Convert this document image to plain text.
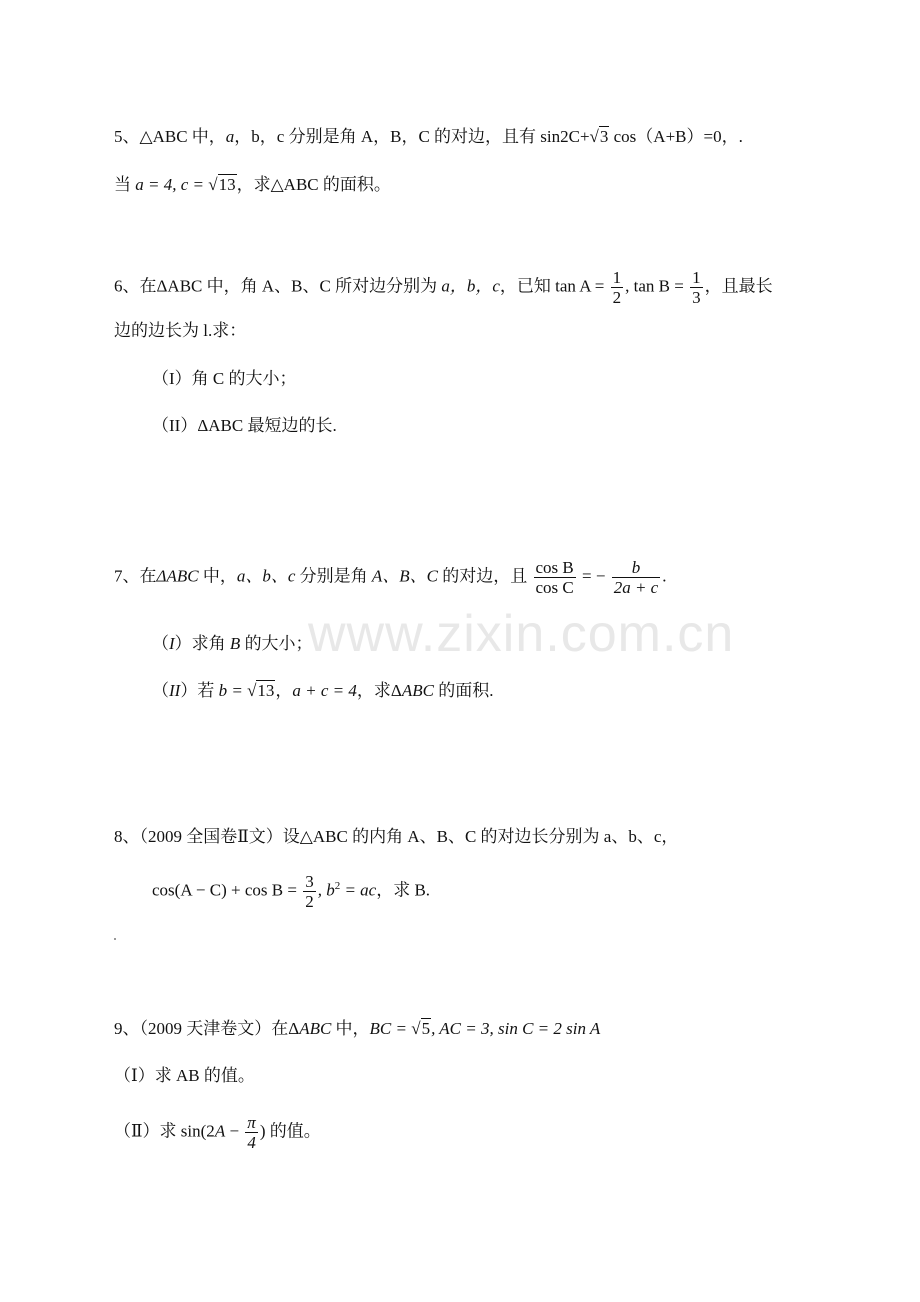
www.zixin.com.cn
5、△ABC 中，a，b，c 分别是角 A，B，C 的对边，且有 sin2C+√3 cos（A+B）=0，.
当 a = 4, c = √13，求△ABC 的面积。
6、在ΔABC 中，角 A、B、C 所对边分别为 a，b，c，已知 $\tan A = \frac{1}{2}$ , $\tan B = \frac{1}{3}$ ，且最长
边的边长为 l.求：
（I）角 C 的大小；
（II）ΔABC 最短边的长.
7、在ΔABC 中，a、b、c 分别是角 A、B、C 的对边，且 $\frac{\text{cos B}}{\text{cos C}}$ = − $\frac{b}{2a + c}$ .
（I）求角 B 的大小；
（II）若 b = √13，a + c = 4，求ΔABC 的面积.
8、（2009 全国卷Ⅱ文）设△ABC 的内角 A、B、C 的对边长分别为 a、b、c，
$\cos(A - C) + \cos B = \frac{3}{2}$ , $b^2$ = ac，求 B.
9、（2009 天津卷文）在ΔABC 中，BC = √5, AC = 3, sin C = 2 sin A
（Ⅰ）求 AB 的值。
（Ⅱ）求 $\sin(2A - \frac{\pi}{4}$ ) 的值。
